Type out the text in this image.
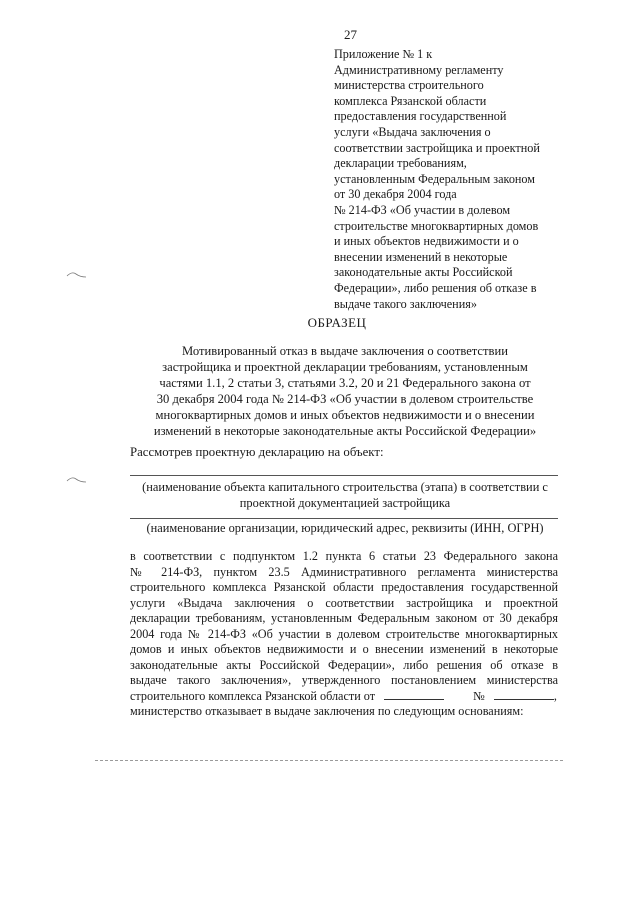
27
Приложение № 1 к
Административному регламенту
министерства строительного
комплекса Рязанской области
предоставления государственной
услуги «Выдача заключения о
соответствии застройщика и проектной
декларации требованиям,
установленным Федеральным законом
от 30 декабря 2004 года
№ 214-ФЗ «Об участии в долевом
строительстве многоквартирных домов
и иных объектов недвижимости и о
внесении изменений в некоторые
законодательные акты Российской
Федерации», либо решения об отказе в
выдаче такого заключения»
ОБРАЗЕЦ
Мотивированный отказ в выдаче заключения о соответствии
застройщика и проектной декларации требованиям, установленным
частями 1.1, 2 статьи 3, статьями 3.2, 20 и 21 Федерального закона от
30 декабря 2004 года № 214-ФЗ «Об участии в долевом строительстве
многоквартирных домов и иных объектов недвижимости и о внесении
изменений в некоторые законодательные акты Российской Федерации»
Рассмотрев проектную декларацию на объект:
(наименование объекта капитального строительства (этапа) в соответствии с
проектной документацией застройщика
(наименование организации, юридический адрес, реквизиты (ИНН, ОГРН)
в соответствии с подпунктом 1.2 пункта 6 статьи 23 Федерального закона
№ 214-ФЗ, пунктом 23.5 Административного регламента министерства
строительного комплекса Рязанской области предоставления государственной
услуги «Выдача заключения о соответствии застройщика и проектной
декларации требованиям, установленным Федеральным законом от 30 декабря
2004 года № 214-ФЗ «Об участии в долевом строительстве многоквартирных
домов и иных объектов недвижимости и о внесении изменений в некоторые
законодательные акты Российской Федерации», либо решения об отказе в
выдаче такого заключения», утвержденного постановлением министерства
строительного комплекса Рязанской области от	№	,
министерство отказывает в выдаче заключения по следующим основаниям:
